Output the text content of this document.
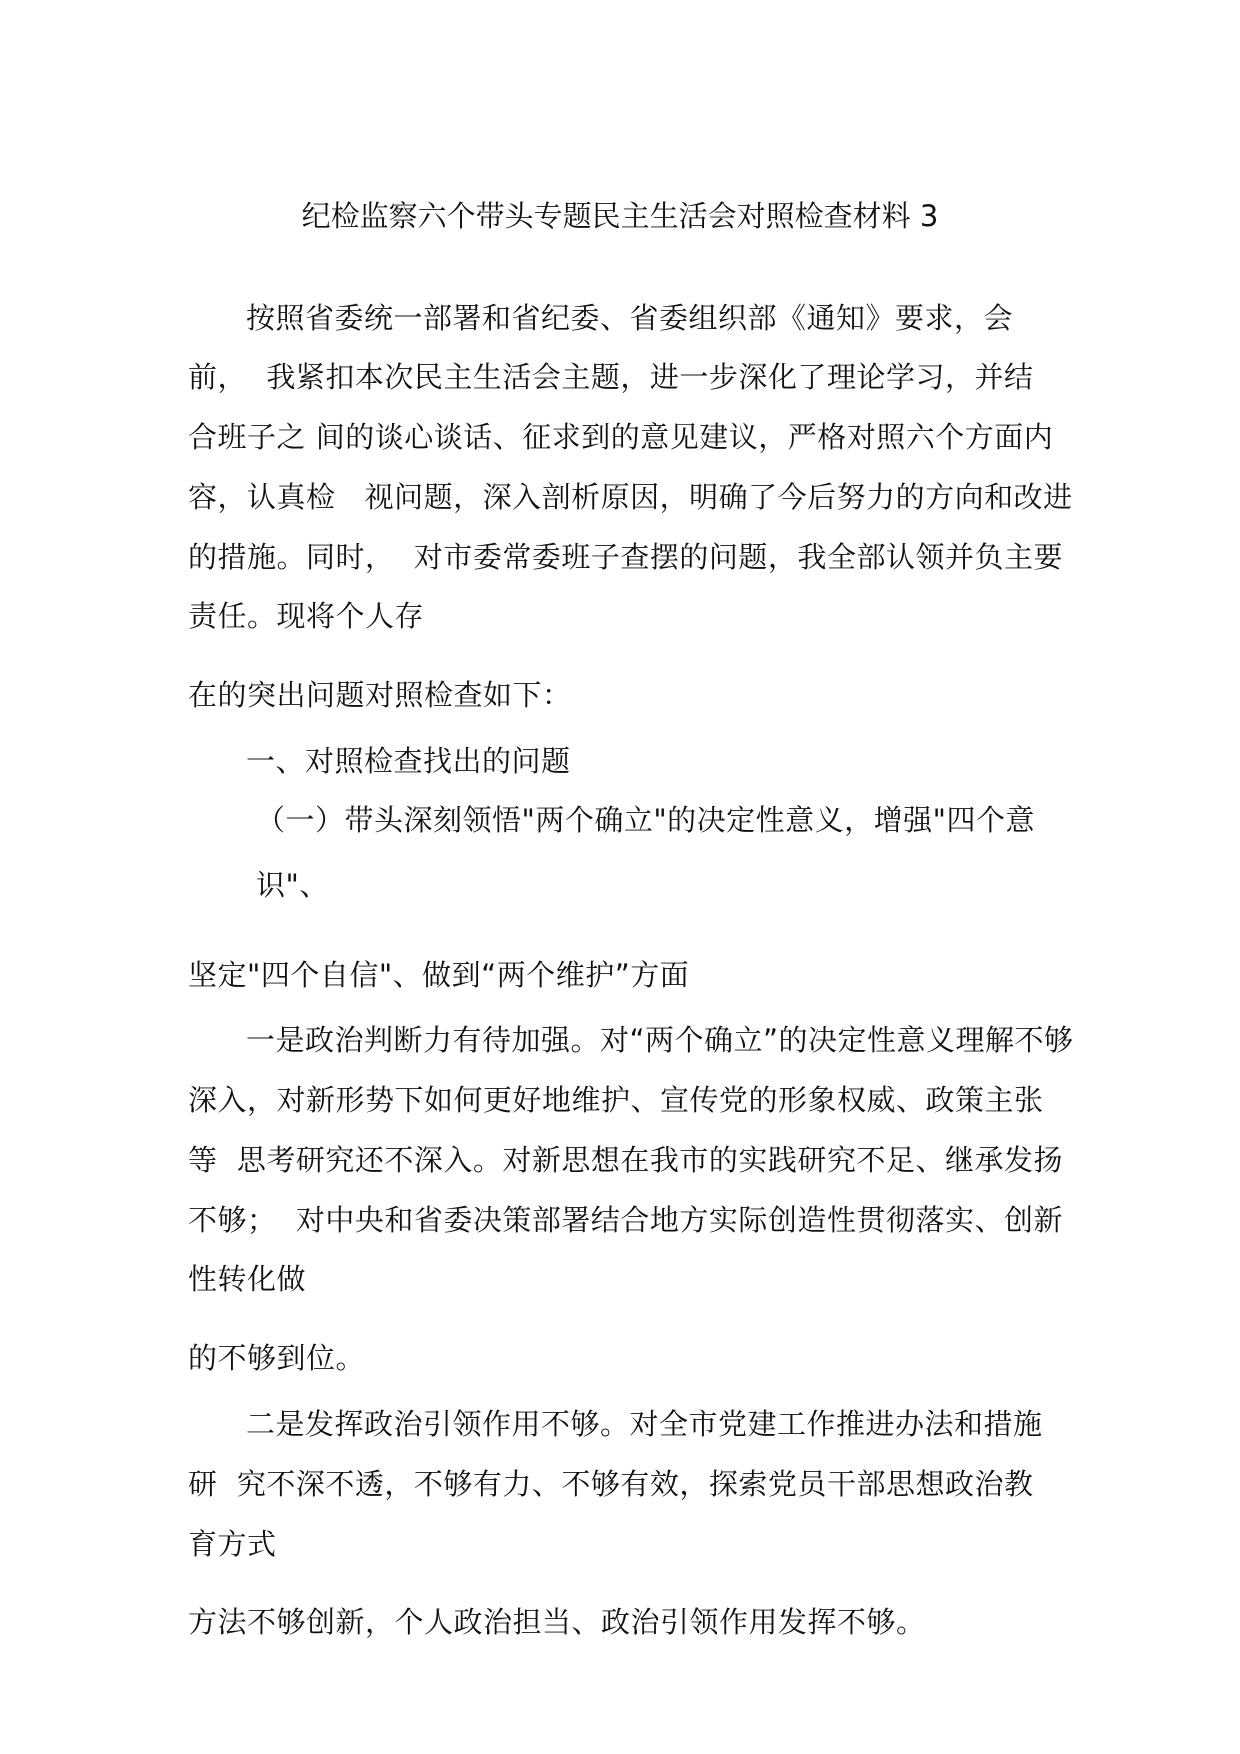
纪检监察六个带头专题民主生活会对照检查材料 3
按照省委统一部署和省纪委、省委组织部《通知》要求，会
前，  我紧扣本次民主生活会主题，进一步深化了理论学习，并结
合班子之 间的谈心谈话、征求到的意见建议，严格对照六个方面内
容，认真检   视问题，深入剖析原因，明确了今后努力的方向和改进
的措施。同时，  对市委常委班子查摆的问题，我全部认领并负主要
责任。现将个人存
在的突出问题对照检查如下：
一、对照检查找出的问题
（一）带头深刻领悟"两个确立"的决定性意义，增强"四个意
识"、
坚定"四个自信"、做到“两个维护”方面
一是政治判断力有待加强。对“两个确立”的决定性意义理解不够
深入，对新形势下如何更好地维护、宣传党的形象权威、政策主张
等  思考研究还不深入。对新思想在我市的实践研究不足、继承发扬
不够；  对中央和省委决策部署结合地方实际创造性贯彻落实、创新
性转化做
的不够到位。
二是发挥政治引领作用不够。对全市党建工作推进办法和措施
研  究不深不透，不够有力、不够有效，探索党员干部思想政治教
育方式
方法不够创新，个人政治担当、政治引领作用发挥不够。
